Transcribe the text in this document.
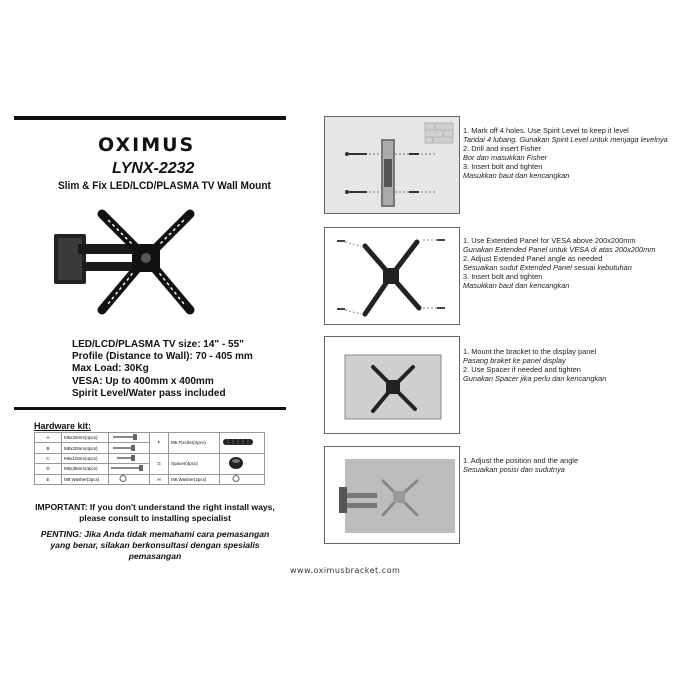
OXIMUS
LYNX-2232
Slim & Fix LED/LCD/PLASMA TV Wall Mount
LED/LCD/PLASMA TV size: 14" - 55"
Profile (Distance to Wall): 70 - 405 mm
Max Load: 30Kg
VESA: Up to 400mm x 400mm
Spirit Level/Water pass included
Hardware kit:
A	M6x20mm(4pcs)		F	M5 Fischer(4pcs)	
B	M8x20mm(4pcs)	
C	M6x10mm(4pcs)		G	Spacer(4pcs)	
D	M5x38mm(4pcs)	
E	M8 Washer(2pcs)		H	M6 Washer(2pcs)	
IMPORTANT: If you don't understand the right install ways, please consult to installing specialist
PENTING: Jika Anda tidak memahami cara pemasangan yang benar, silakan berkonsultasi dengan spesialis pemasangan
1. Mark off 4 holes. Use Spirit Level to keep it level
Tandai 4 lubang. Gunakan Spirit Level untuk menjaga levelnya
2. Drill and insert Fisher
Bor dan masukkan Fisher
3. Insert bolt and tighten
Masukkan baut dan kencangkan
1. Use Extended Panel for VESA above 200x200mm
Gunakan Extended Panel untuk VESA di atas 200x200mm
2. Adjust Extended Panel angle as needed
Sesuaikan sudut Extended Panel sesuai kebutuhan
3. Insert bolt and tighten
Masukkan baut dan kencangkan
1. Mount the bracket to the display panel
Pasang braket ke panel display
2. Use Spacer if needed and tighten
Gunakan Spacer jika perlu dan kencangkan
1. Adjust the position and the angle
Sesuaikan posisi dan sudutnya
www.oximusbracket.com
